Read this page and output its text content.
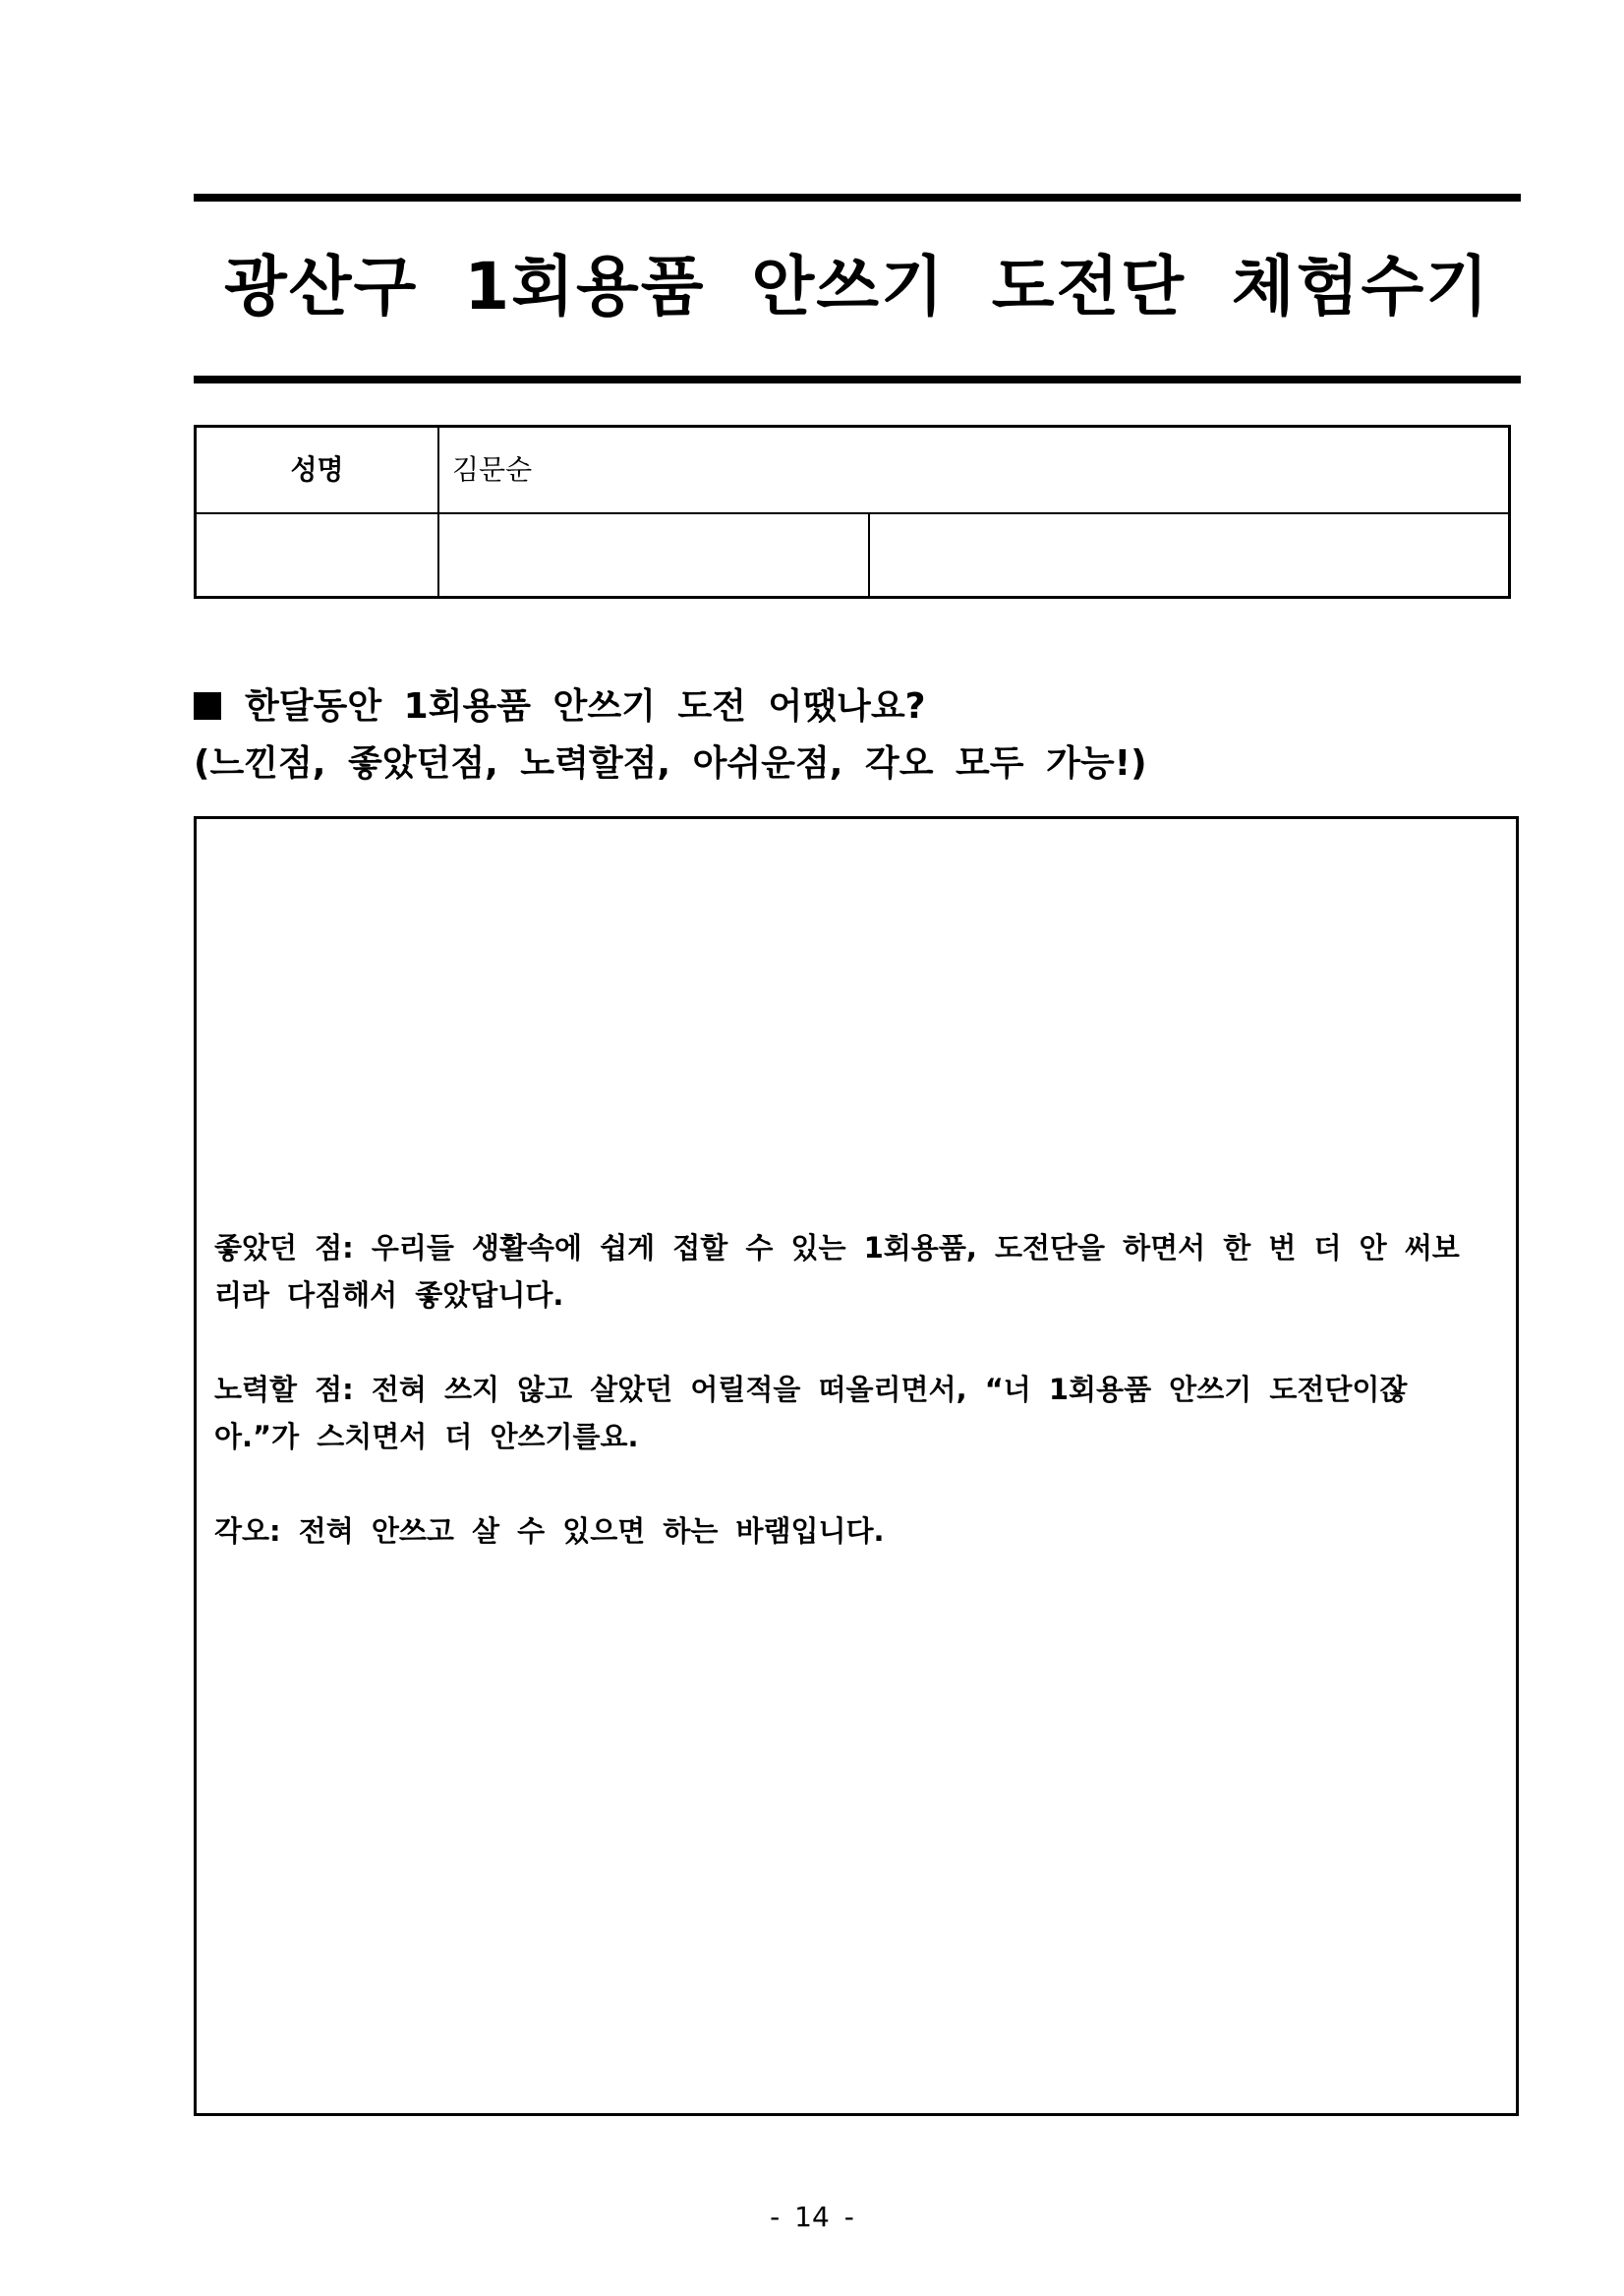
광산구 1회용품 안쓰기 도전단 체험수기
성명	김문순
한달동안 1회용품 안쓰기 도전 어땠나요?
(느낀점, 좋았던점, 노력할점, 아쉬운점, 각오 모두 가능!)

좋았던 점: 우리들 생활속에 쉽게 접할 수 있는 1회용품, 도전단을 하면서 한 번 더 안 써보리라 다짐해서 좋았답니다.

노력할 점: 전혀 쓰지 않고 살았던 어릴적을 떠올리면서, “너 1회용품 안쓰기 도전단이잖아.”가 스치면서 더 안쓰기를요.

각오: 전혀 안쓰고 살 수 있으면 하는 바램입니다.

- 14 -
